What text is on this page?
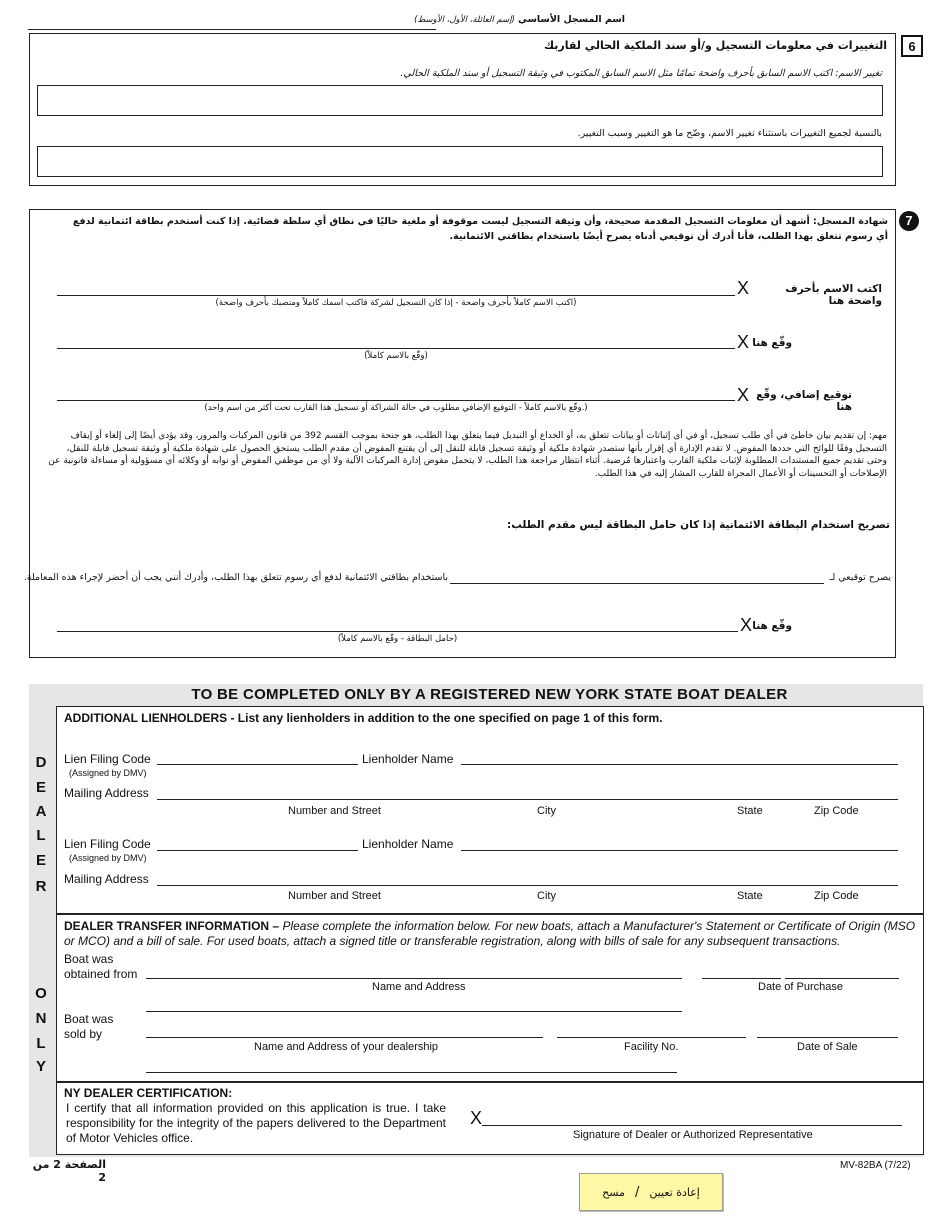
اسم المسجل الأساسي (إسم العائلة، الأول، الأوسط)
6
التغييرات في معلومات التسجيل و/أو سند الملكية الحالي لقاربك
تغيير الاسم: اكتب الاسم السابق بأحرف واضحة تمامًا مثل الاسم السابق المكتوب في وثيقة التسجيل أو سند الملكية الحالي.
بالنسبة لجميع التغييرات باستثناء تغيير الاسم، وضّح ما هو التغيير وسبب التغيير.
7
شهادة المسجل: أشهد أن معلومات التسجيل المقدمة صحيحة، وأن وثيقة التسجيل ليست موقوفة أو ملغية حاليًا في نطاق أي سلطة قضائية. إذا كنت أستخدم بطاقة ائتمانية لدفع أي رسوم تتعلق بهذا الطلب، فأنا أدرك أن توقيعي أدناه يصرح أيضًا باستخدام بطاقتي الائتمانية.
اكتب الاسم بأحرف واضحة هنا
X
(اكتب الاسم كاملاً بأحرف واضحة - إذا كان التسجيل لشركة فاكتب اسمك كاملاً ومنصبك بأحرف واضحة)
وقّع هنا
X
(وقّع بالاسم كاملاً)
توقيع إضافي، وقّع هنا
X
(وقّع بالاسم كاملاً - التوقيع الإضافي مطلوب في حالة الشراكة أو تسجيل هذا القارب تحت أكثر من اسم واحد.)
مهم: إن تقديم بيان خاطئ في أي طلب تسجيل، أو في أي إثباتات أو بيانات تتعلق به، أو الخداع أو التبديل فيما يتعلق بهذا الطلب، هو جنحة بموجب القسم 392 من قانون المركبات والمرور، وقد يؤدي أيضًا إلى إلغاء أو إيقاف التسجيل وفقًا للوائح التي حددها المفوض. لا تقدم الإدارة أي إقرار بأنها ستصدر شهادة ملكية أو وثيقة تسجيل قابلة للنقل إلى أن يقتنع المفوض أن مقدم الطلب يستحق الحصول على شهادة ملكية أو وثيقة تسجيل قابلة للنقل، وحتى تقديم جميع المستندات المطلوبة لإثبات ملكية القارب واعتبارها مُرضية. أثناء انتظار مراجعة هذا الطلب، لا يتحمل مفوض إدارة المركبات الآلية ولا أي من موظفي المفوض أو نوابه أو وكلائه أي مسؤولية أو مساءلة قانونية عن الإصلاحات أو التحسينات أو الأعمال المجراة للقارب المشار إليه في هذا الطلب.
تصريح استخدام البطاقة الائتمانية إذا كان حامل البطاقة ليس مقدم الطلب:
يصرح توقيعي لـ
باستخدام بطاقتي الائتمانية لدفع أي رسوم تتعلق بهذا الطلب، وأدرك أنني يجب أن أحضر لإجراء هذه المعاملة.
وقّع هنا
X
(حامل البطاقة - وقّع بالاسم كاملاً)
TO BE COMPLETED ONLY BY A REGISTERED NEW YORK STATE BOAT DEALER
D
E
A
L
E
R
O
N
L
Y
ADDITIONAL LIENHOLDERS - List any lienholders in addition to the one specified on page 1 of this form.
Lien Filing Code
(Assigned by DMV)
Lienholder Name
Mailing Address
Number and Street	City	State	Zip Code
Lien Filing Code
(Assigned by DMV)
Lienholder Name
Mailing Address
Number and Street	City	State	Zip Code
DEALER TRANSFER INFORMATION – Please complete the information below. For new boats, attach a Manufacturer's Statement or Certificate of Origin (MSO or MCO) and a bill of sale. For used boats, attach a signed title or transferable registration, along with bills of sale for any subsequent transactions.
Boat was
obtained from
Name and Address	Date of Purchase
Boat was
sold by
Name and Address of your dealership	Facility No.	Date of Sale
NY DEALER CERTIFICATION:
I certify that all information provided on this application is true. I take responsibility for the integrity of the papers delivered to the Department of Motor Vehicles office.
X
Signature of Dealer or Authorized Representative
الصفحة 2 من 2
MV-82BA (7/22)
إعادة تعيين
/
مسح
